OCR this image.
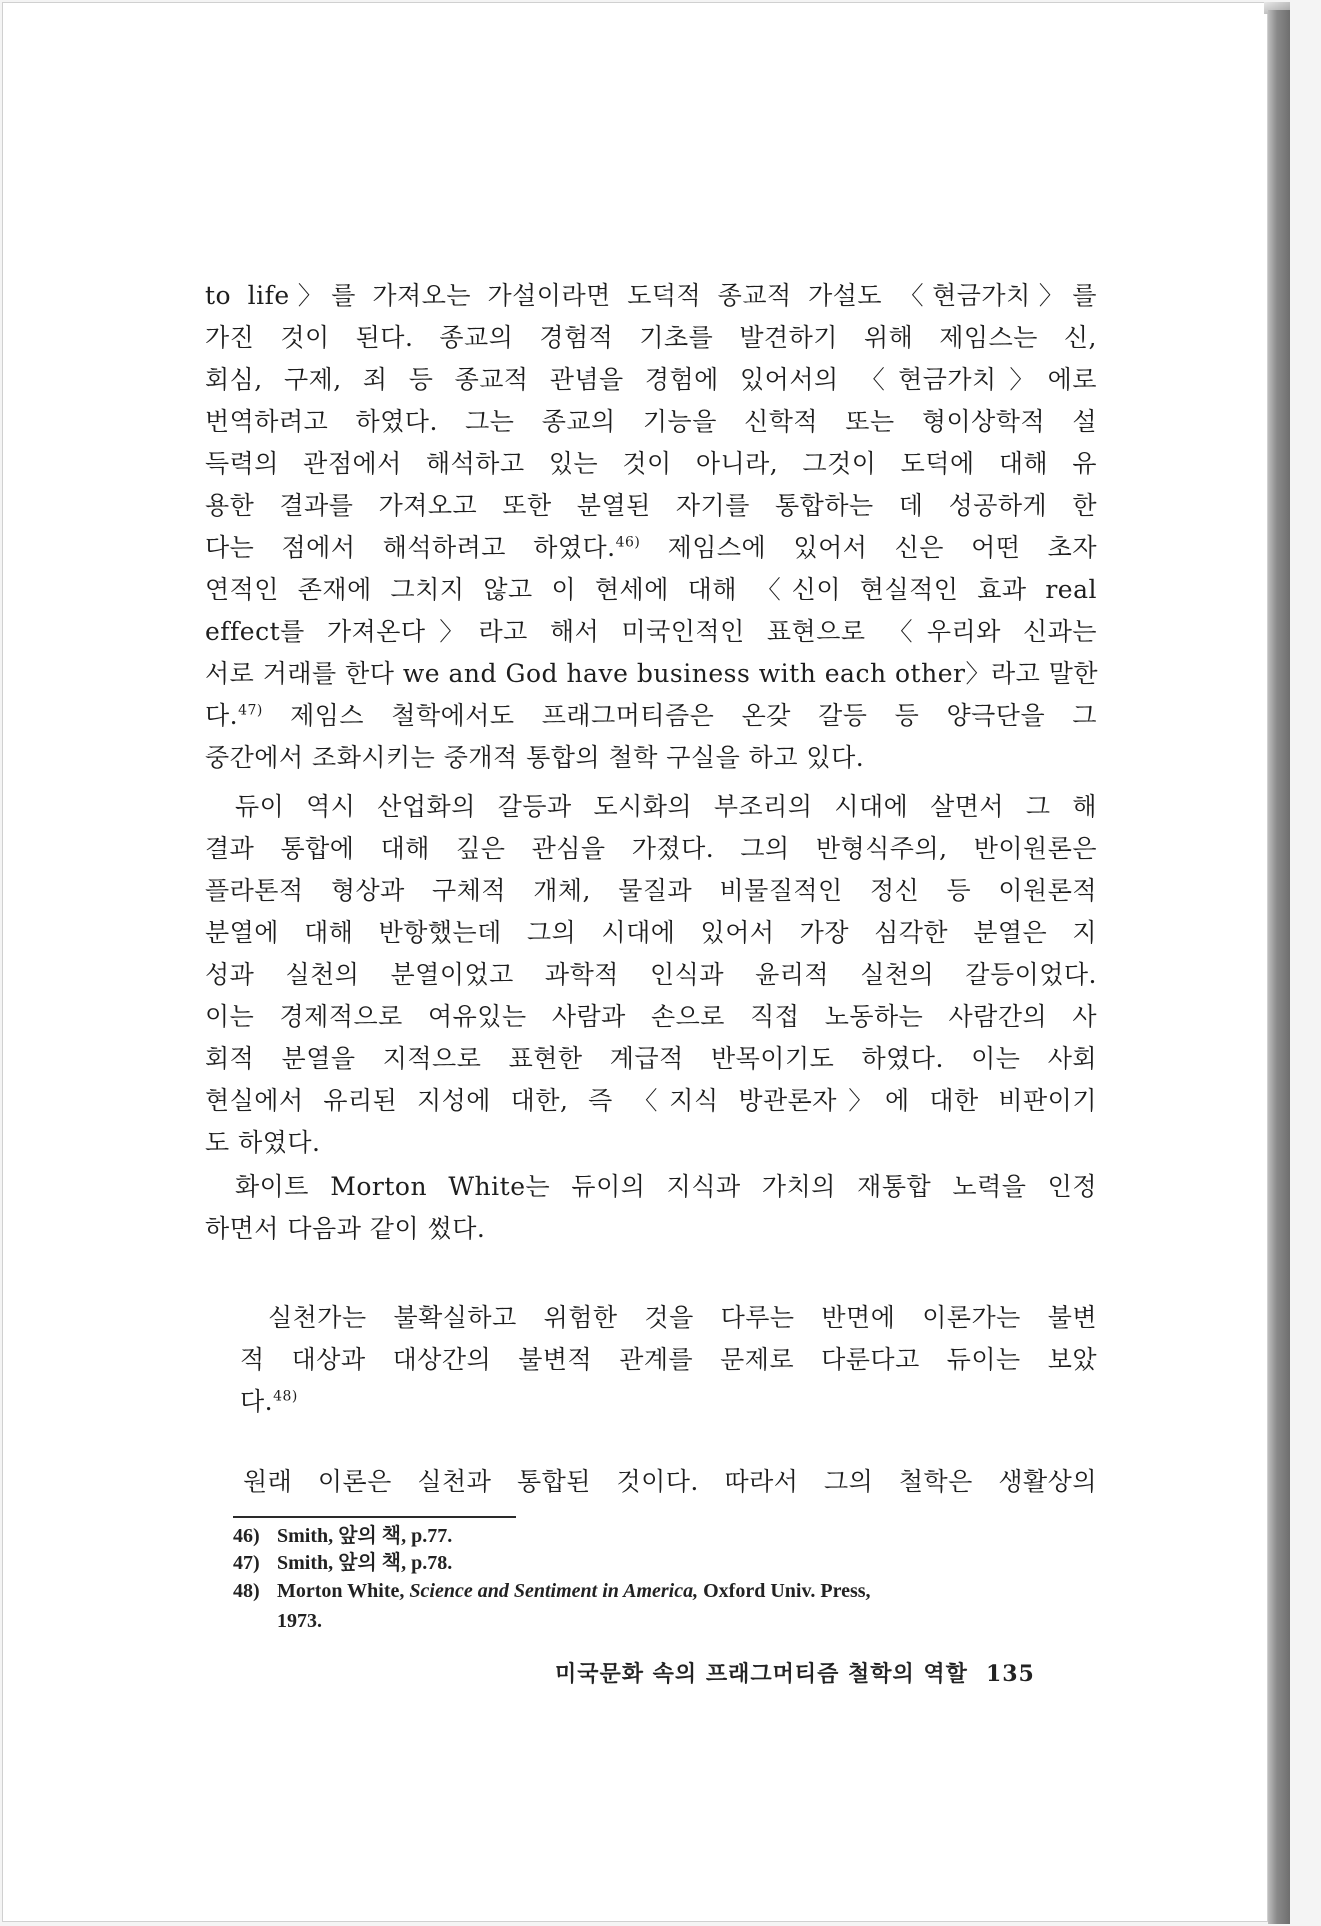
to life〉를 가져오는 가설이라면 도덕적 종교적 가설도 〈현금가치〉를
가진 것이 된다. 종교의 경험적 기초를 발견하기 위해 제임스는 신,
회심, 구제, 죄 등 종교적 관념을 경험에 있어서의 〈현금가치〉에로
번역하려고 하였다. 그는 종교의 기능을 신학적 또는 형이상학적 설
득력의 관점에서 해석하고 있는 것이 아니라, 그것이 도덕에 대해 유
용한 결과를 가져오고 또한 분열된 자기를 통합하는 데 성공하게 한
다는 점에서 해석하려고 하였다.$^{46)}$ 제임스에 있어서 신은 어떤 초자
연적인 존재에 그치지 않고 이 현세에 대해 〈신이 현실적인 효과 real
effect를 가져온다〉라고 해서 미국인적인 표현으로 〈우리와 신과는
서로 거래를 한다 we and God have business with each other〉라고 말한
다.$^{47)}$ 제임스 철학에서도 프래그머티즘은 온갖 갈등 등 양극단을 그
중간에서 조화시키는 중개적 통합의 철학 구실을 하고 있다.
듀이 역시 산업화의 갈등과 도시화의 부조리의 시대에 살면서 그 해
결과 통합에 대해 깊은 관심을 가졌다. 그의 반형식주의, 반이원론은
플라톤적 형상과 구체적 개체, 물질과 비물질적인 정신 등 이원론적
분열에 대해 반항했는데 그의 시대에 있어서 가장 심각한 분열은 지
성과 실천의 분열이었고 과학적 인식과 윤리적 실천의 갈등이었다.
이는 경제적으로 여유있는 사람과 손으로 직접 노동하는 사람간의 사
회적 분열을 지적으로 표현한 계급적 반목이기도 하였다. 이는 사회
현실에서 유리된 지성에 대한, 즉 〈지식 방관론자〉에 대한 비판이기
도 하였다.
화이트 Morton White는 듀이의 지식과 가치의 재통합 노력을 인정
하면서 다음과 같이 썼다.
실천가는 불확실하고 위험한 것을 다루는 반면에 이론가는 불변
적 대상과 대상간의 불변적 관계를 문제로 다룬다고 듀이는 보았
다.$^{48)}$
원래 이론은 실천과 통합된 것이다. 따라서 그의 철학은 생활상의
46) Smith, 앞의 책, p.77.
47) Smith, 앞의 책, p.78.
48) Morton White, Science and Sentiment in America, Oxford Univ. Press,
1973.
미국문화 속의 프래그머티즘 철학의 역할 135
